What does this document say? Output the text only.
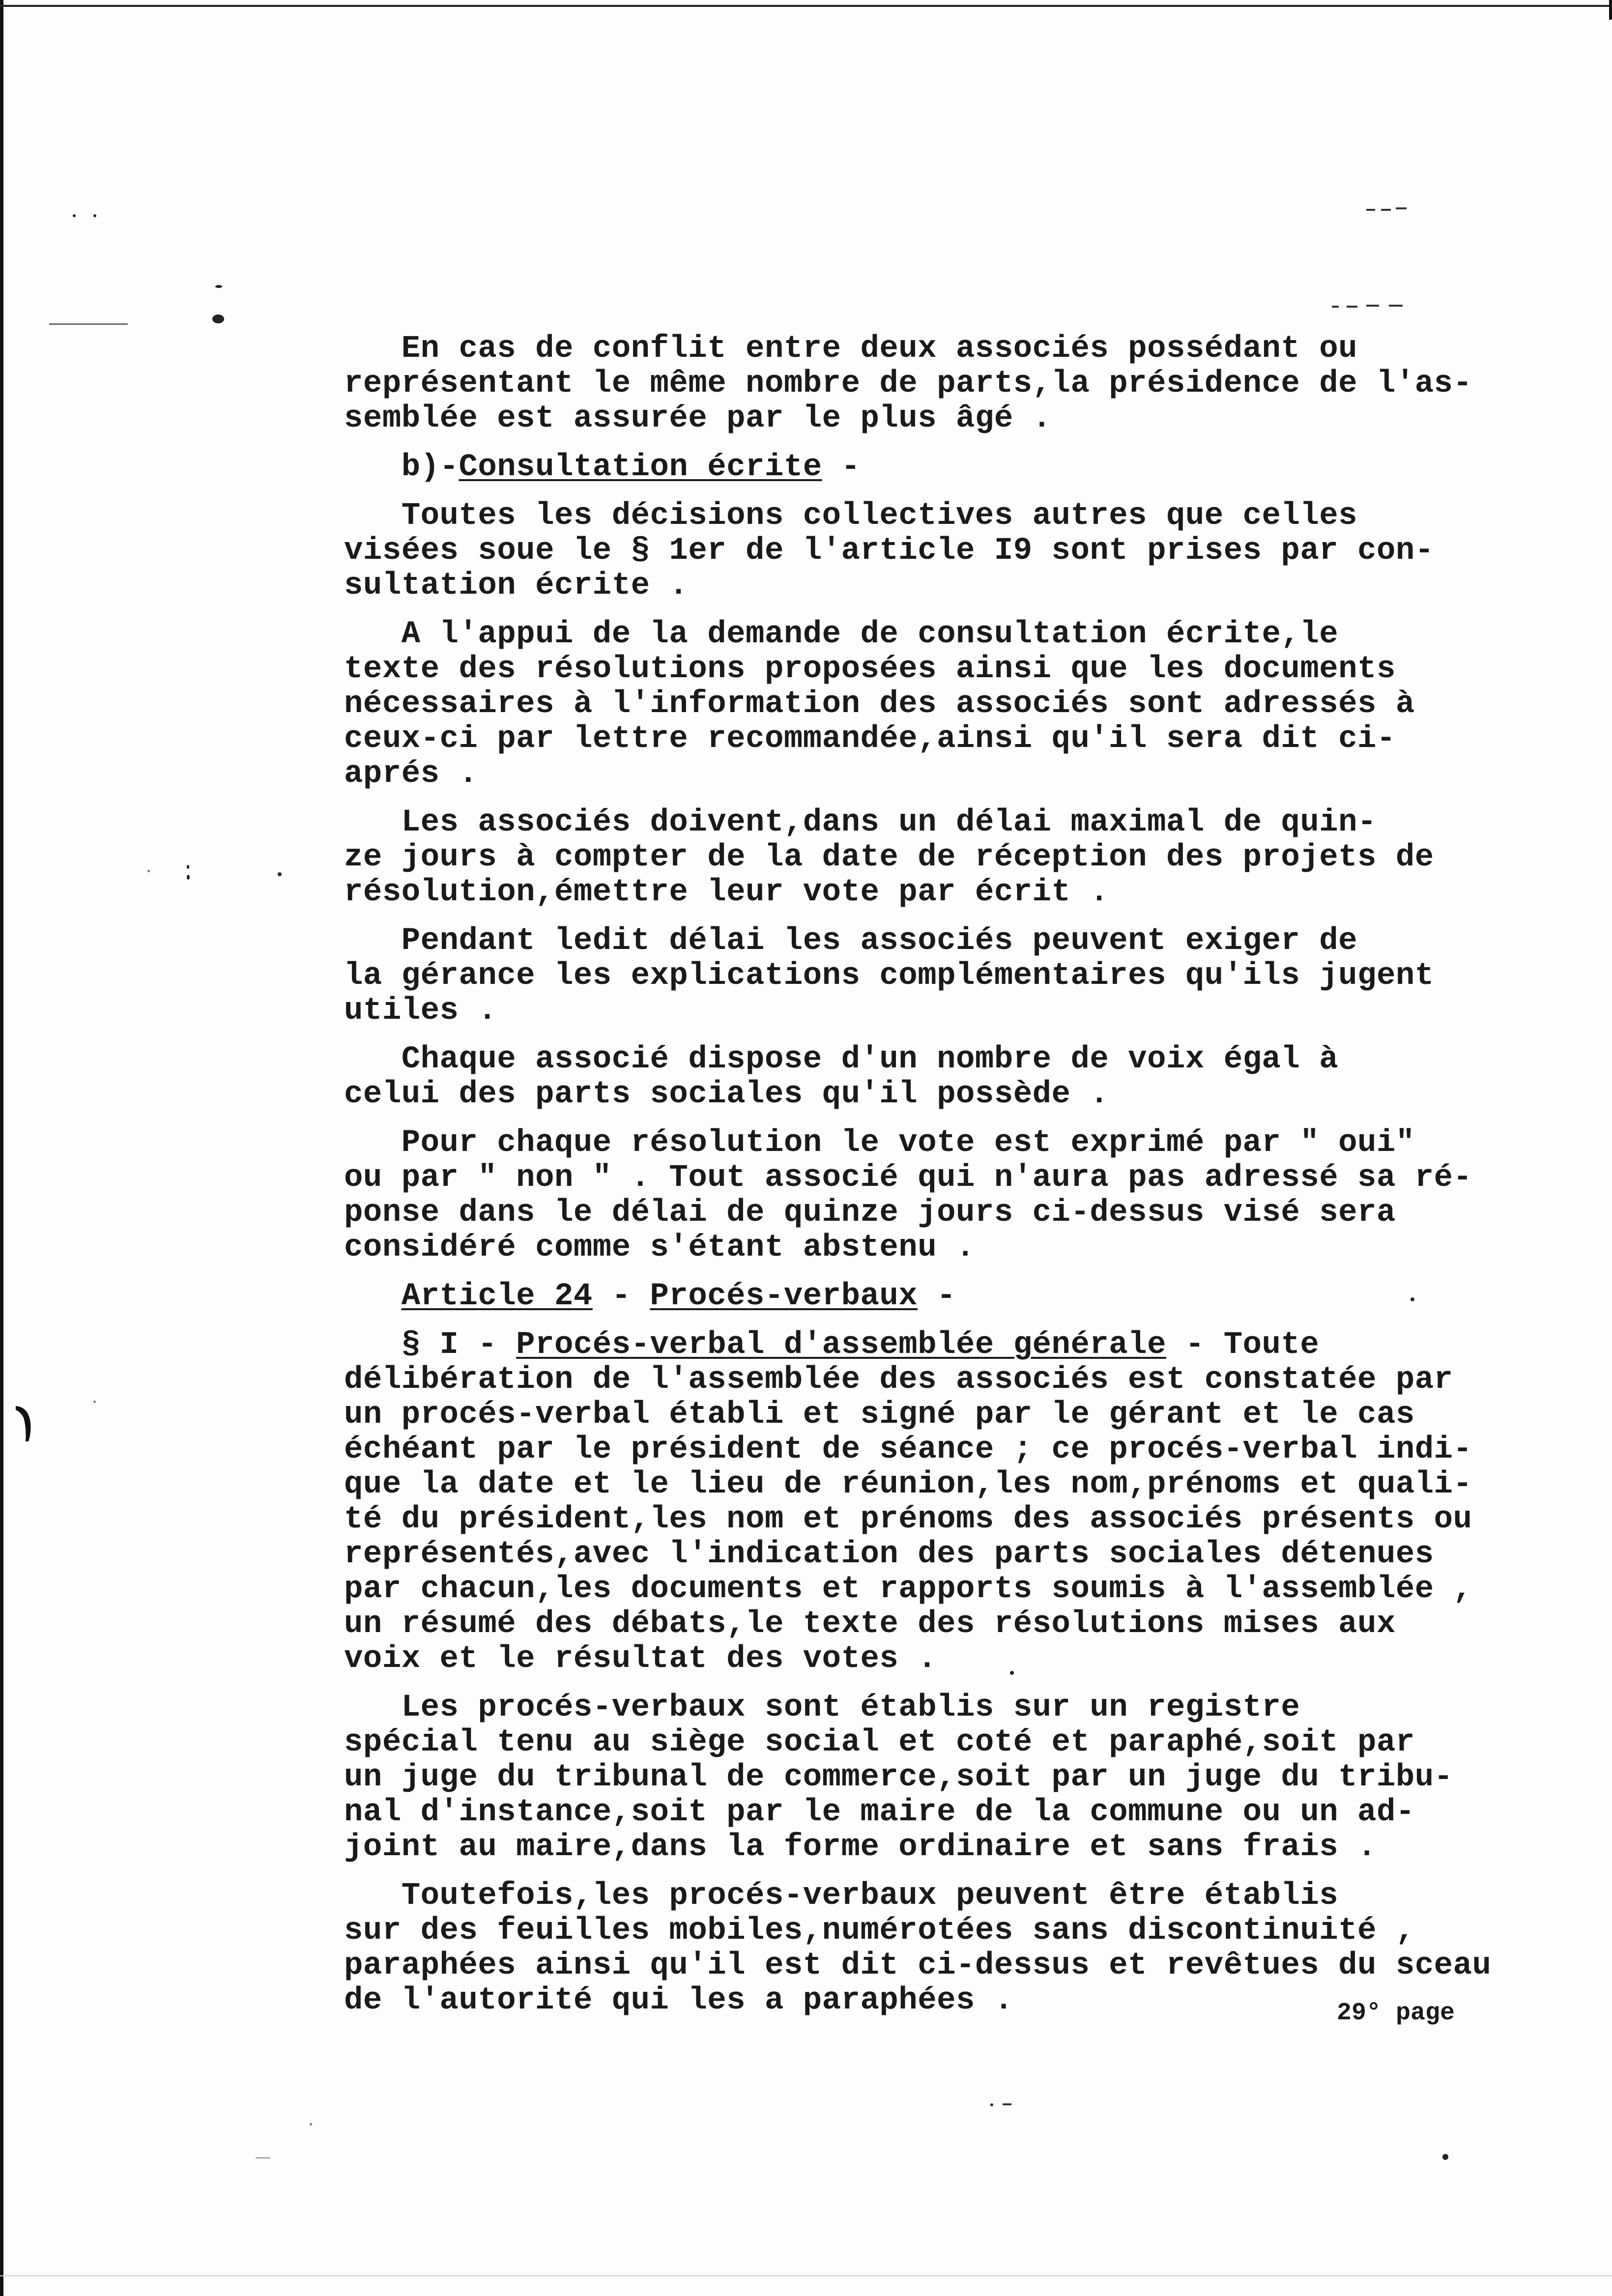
En cas de conflit entre deux associés possédant ou

représentant le même nombre de parts,la présidence de l'as-

semblée est assurée par le plus âgé .

b)-Consultation écrite -

Toutes les décisions collectives autres que celles

visées soue le § 1er de l'article I9 sont prises par con-

sultation écrite .

A l'appui de la demande de consultation écrite,le

texte des résolutions proposées ainsi que les documents

nécessaires à l'information des associés sont adressés à

ceux-ci par lettre recommandée,ainsi qu'il sera dit ci-

aprés .

Les associés doivent,dans un délai maximal de quin-

ze jours à compter de la date de réception des projets de

résolution,émettre leur vote par écrit .

Pendant ledit délai les associés peuvent exiger de

la gérance les explications complémentaires qu'ils jugent

utiles .

Chaque associé dispose d'un nombre de voix égal à

celui des parts sociales qu'il possède .

Pour chaque résolution le vote est exprimé par " oui"

ou par " non " . Tout associé qui n'aura pas adressé sa ré-

ponse dans le délai de quinze jours ci-dessus visé sera

considéré comme s'étant abstenu .

Article 24 - Procés-verbaux -

§ I - Procés-verbal d'assemblée générale - Toute

délibération de l'assemblée des associés est constatée par

un procés-verbal établi et signé par le gérant et le cas

échéant par le président de séance ; ce procés-verbal indi-

que la date et le lieu de réunion,les nom,prénoms et quali-

té du président,les nom et prénoms des associés présents ou

représentés,avec l'indication des parts sociales détenues

par chacun,les documents et rapports soumis à l'assemblée ,

un résumé des débats,le texte des résolutions mises aux

voix et le résultat des votes .

Les procés-verbaux sont établis sur un registre

spécial tenu au siège social et coté et paraphé,soit par

un juge du tribunal de commerce,soit par un juge du tribu-

nal d'instance,soit par le maire de la commune ou un ad-

joint au maire,dans la forme ordinaire et sans frais .

Toutefois,les procés-verbaux peuvent être établis

sur des feuilles mobiles,numérotées sans discontinuité ,

paraphées ainsi qu'il est dit ci-dessus et revêtues du sceau

de l'autorité qui les a paraphées .	29° page
